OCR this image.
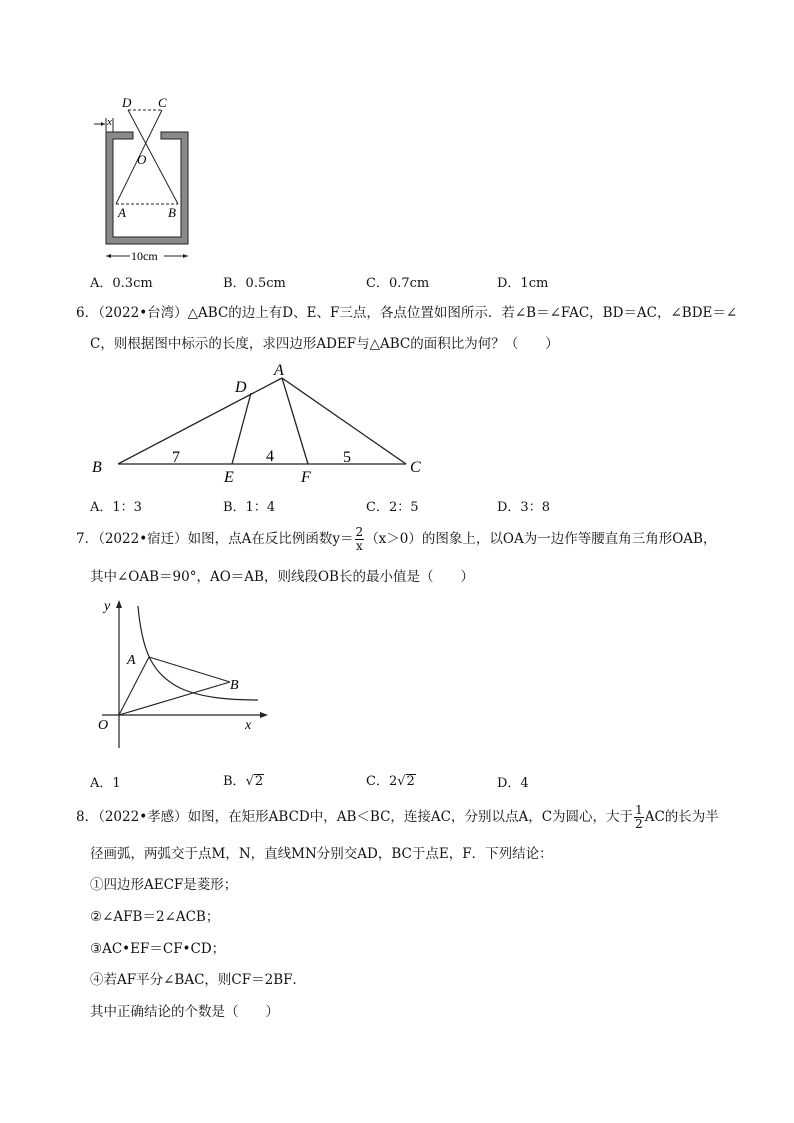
D C
O
A	B
x
10cm
A．0.3cm	B．0.5cm	C．0.7cm	D．1cm
6．（2022•台湾）△ABC的边上有D、E、F三点，各点位置如图所示．若∠B＝∠FAC，BD＝AC，∠BDE＝∠
C，则根据图中标示的长度，求四边形ADEF与△ABC的面积比为何？（　　）
A
D
B	C
E	F
7	4	5
A．1：3	B．1：4	C．2：5	D．3：8
7．（2022•宿迁）如图，点A在反比例函数$y= \frac{2}{x} (x>0)$的图象上，以OA为一边作等腰直角三角形OAB，
其中∠OAB＝90°，AO＝AB，则线段OB长的最小值是（　　）
y
x
O
A
B
A．1	B．√2	C．2√2	D．4
8．（2022•孝感）如图，在矩形ABCD中，AB＜BC，连接AC，分别以点A，C为圆心，大于 $\frac{1}{2}$ AC的长为半
径画弧，两弧交于点M，N，直线MN分别交AD，BC于点E，F．下列结论：
①四边形AECF是菱形；
②∠AFB＝2∠ACB；
③AC•EF＝CF•CD；
④若AF平分∠BAC，则CF＝2BF．
其中正确结论的个数是（　　）
